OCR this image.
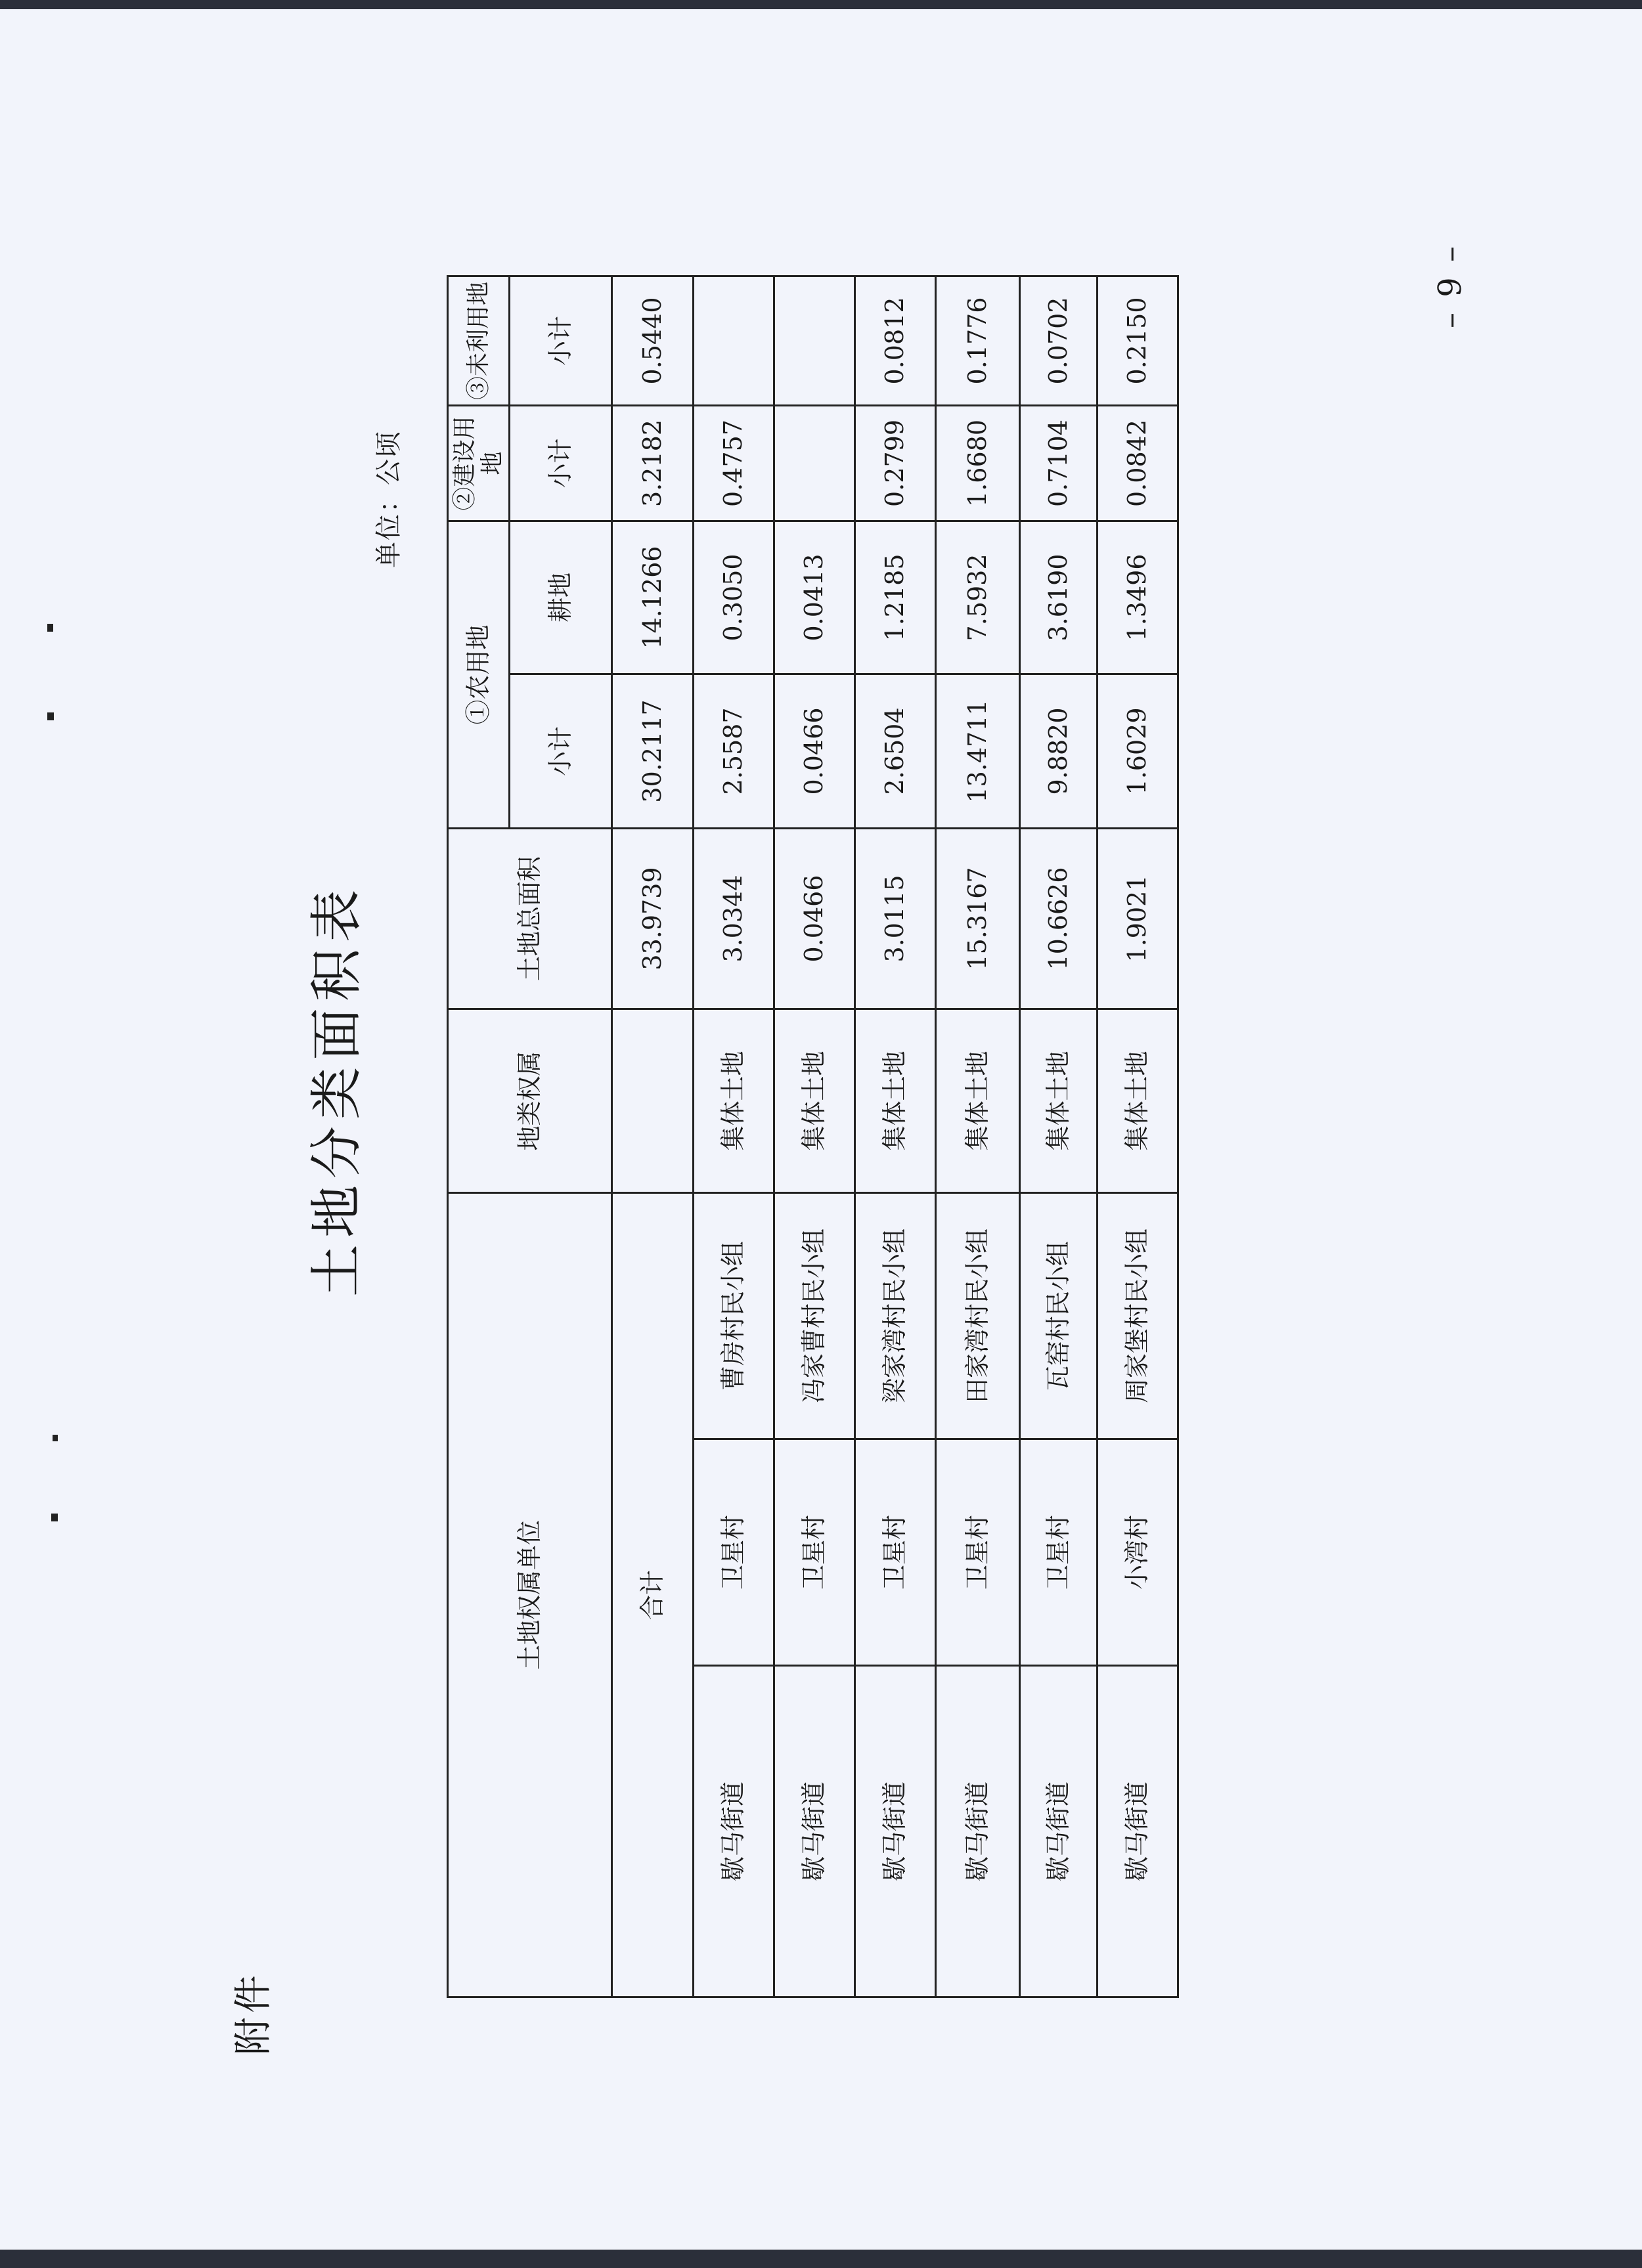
附件
土地分类面积表
单位：公顷
– 9 –
土地权属单位			地类权属	土地总面积	①农用地		②建设用地	③未利用地
					小计	耕地	小计	小计
合计				33.9739	30.2117	14.1266	3.2182	0.5440
歇马街道	卫星村	曹房村民小组	集体土地	3.0344	2.5587	0.3050	0.4757	
歇马街道	卫星村	冯家曹村民小组	集体土地	0.0466	0.0466	0.0413		
歇马街道	卫星村	梁家湾村民小组	集体土地	3.0115	2.6504	1.2185	0.2799	0.0812
歇马街道	卫星村	田家湾村民小组	集体土地	15.3167	13.4711	7.5932	1.6680	0.1776
歇马街道	卫星村	瓦窑村民小组	集体土地	10.6626	9.8820	3.6190	0.7104	0.0702
歇马街道	小湾村	周家堡村民小组	集体土地	1.9021	1.6029	1.3496	0.0842	0.2150
